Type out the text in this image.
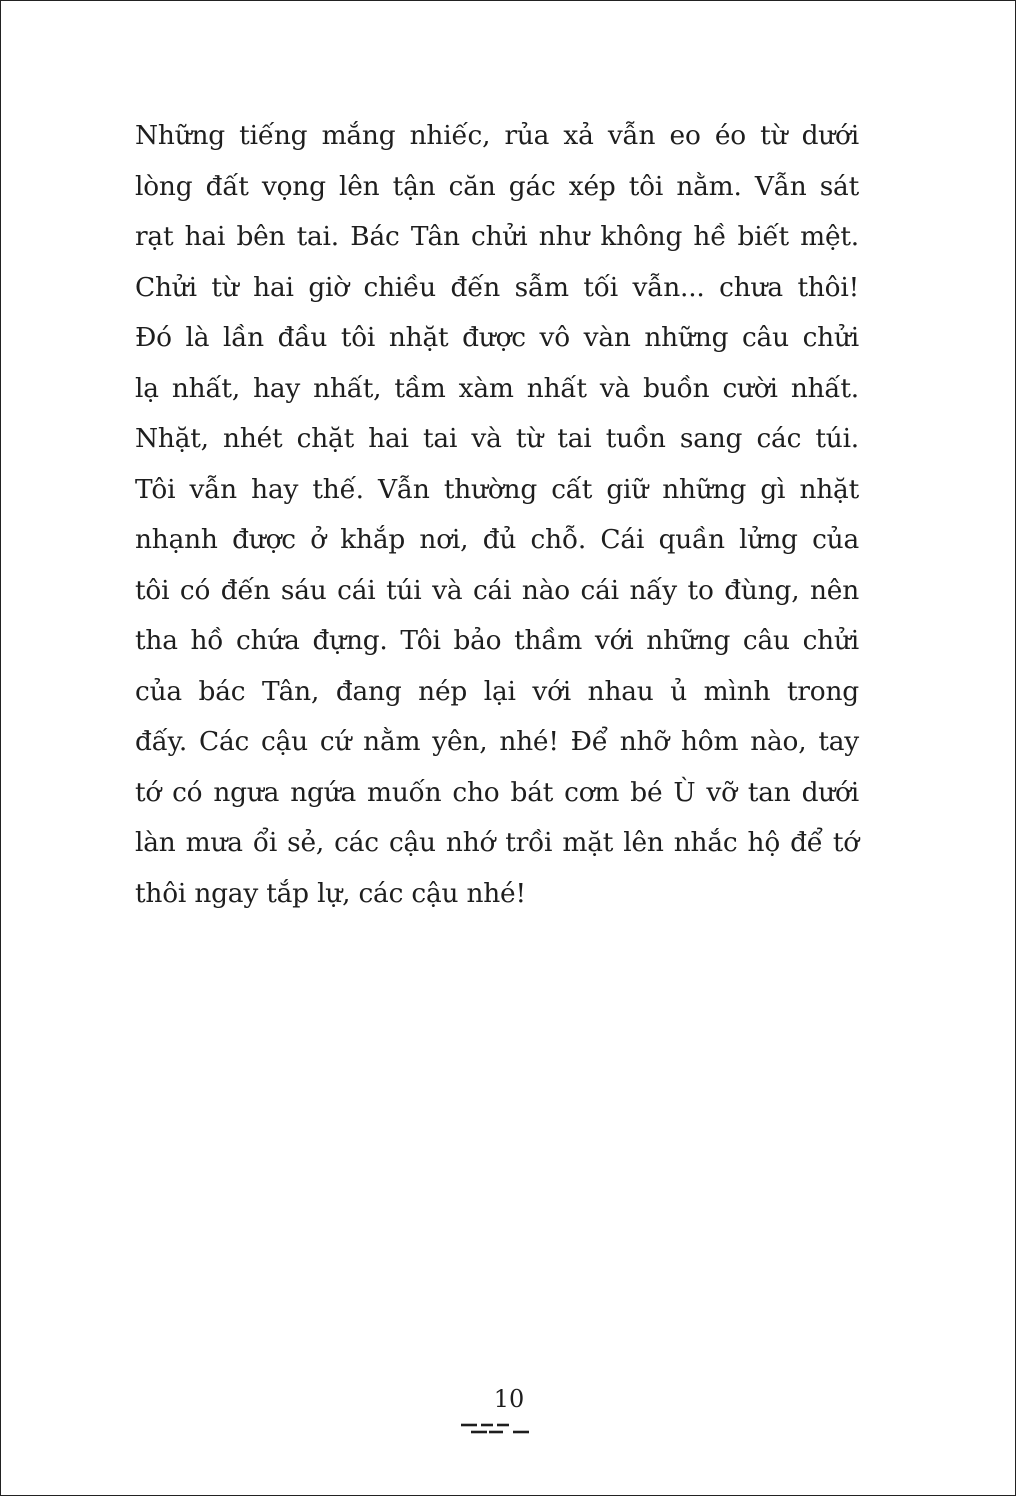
Những tiếng mắng nhiếc, rủa xả vẫn eo éo từ dưới
lòng đất vọng lên tận căn gác xép tôi nằm. Vẫn sát
rạt hai bên tai. Bác Tân chửi như không hề biết mệt.
Chửi từ hai giờ chiều đến sẫm tối vẫn... chưa thôi!
Đó là lần đầu tôi nhặt được vô vàn những câu chửi
lạ nhất, hay nhất, tầm xàm nhất và buồn cười nhất.
Nhặt, nhét chặt hai tai và từ tai tuồn sang các túi.
Tôi vẫn hay thế. Vẫn thường cất giữ những gì nhặt
nhạnh được ở khắp nơi, đủ chỗ. Cái quần lửng của
tôi có đến sáu cái túi và cái nào cái nấy to đùng, nên
tha hồ chứa đựng. Tôi bảo thầm với những câu chửi
của bác Tân, đang nép lại với nhau ủ mình trong
đấy. Các cậu cứ nằm yên, nhé! Để nhỡ hôm nào, tay
tớ có ngưa ngứa muốn cho bát cơm bé Ù vỡ tan dưới
làn mưa ổi sẻ, các cậu nhớ trồi mặt lên nhắc hộ để tớ
thôi ngay tắp lự, các cậu nhé!
10
